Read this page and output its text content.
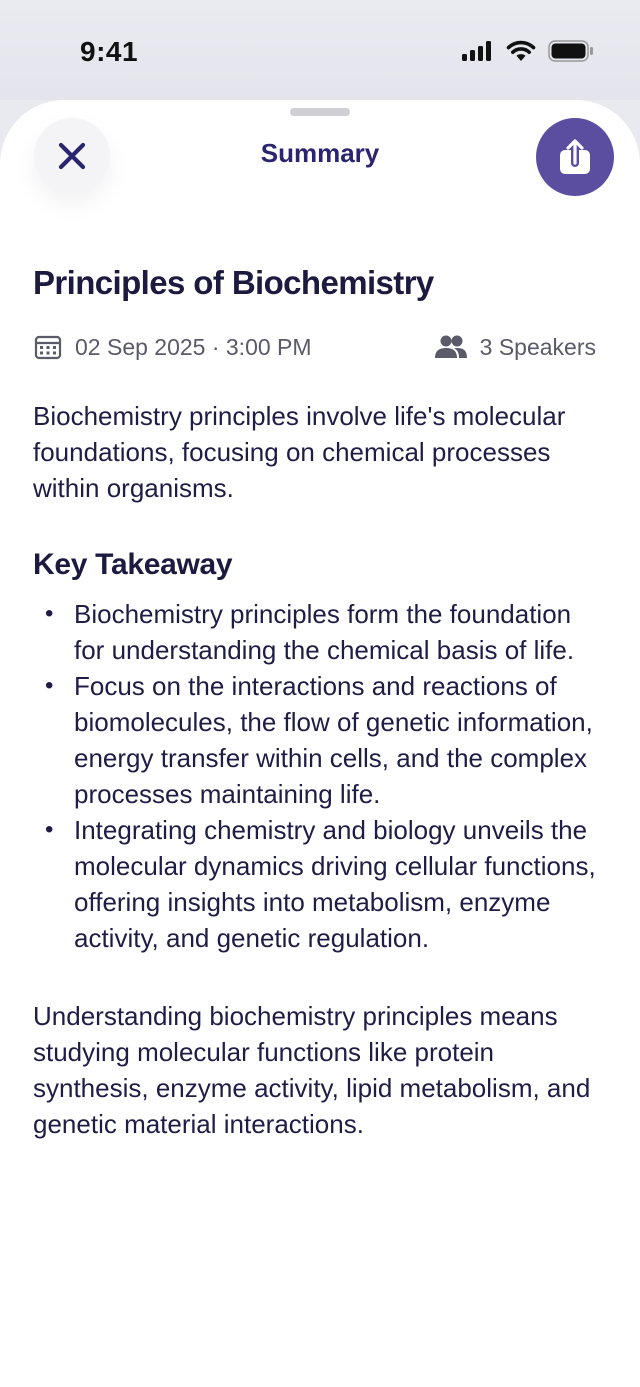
9:41
Summary
Principles of Biochemistry
02 Sep 2025 · 3:00 PM	3 Speakers

Biochemistry principles involve life's molecular foundations, focusing on chemical processes within organisms.

Key Takeaway
• Biochemistry principles form the foundation for understanding the chemical basis of life.
• Focus on the interactions and reactions of biomolecules, the flow of genetic information, energy transfer within cells, and the complex processes maintaining life.
• Integrating chemistry and biology unveils the molecular dynamics driving cellular functions, offering insights into metabolism, enzyme activity, and genetic regulation.

Understanding biochemistry principles means studying molecular functions like protein synthesis, enzyme activity, lipid metabolism, and genetic material interactions.
